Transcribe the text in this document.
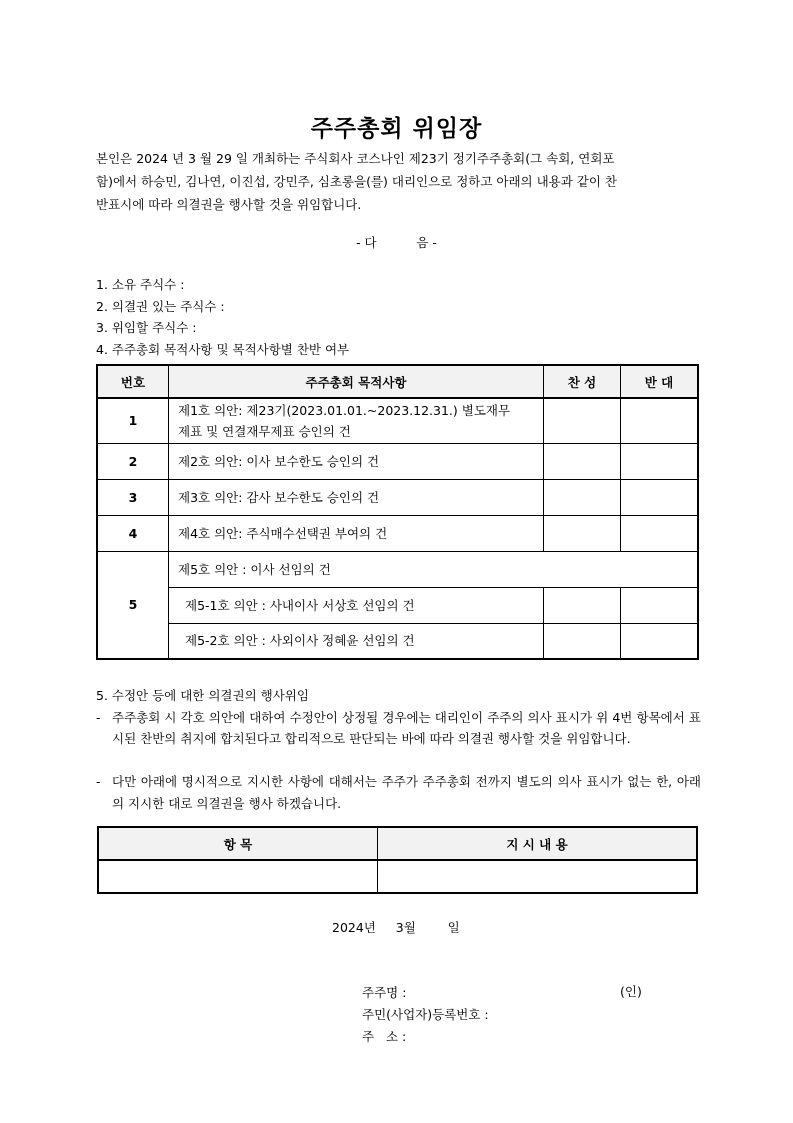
주주총회 위임장

본인은 2024 년 3 월 29 일 개최하는 주식회사 코스나인 제23기 정기주주총회(그 속회, 연회포

함)에서 하승민, 김나연, 이진섭, 강민주, 심초롱을(를) 대리인으로 정하고 아래의 내용과 같이 찬

반표시에 따라 의결권을 행사할 것을 위임합니다.

- 다          음 -
1. 소유 주식수 :
2. 의결권 있는 주식수 :
3. 위임할 주식수 :
4. 주주총회 목적사항 및 목적사항별 찬반 여부
번호	주주총회 목적사항	찬 성	반 대
1	제1호 의안: 제23기(2023.01.01.~2023.12.31.) 별도재무
제표 및 연결재무제표 승인의 건		

2	제2호 의안: 이사 보수한도 승인의 건		
3	제3호 의안: 감사 보수한도 승인의 건		
4	제4호 의안: 주식매수선택권 부여의 건		
5	제5호 의안 : 이사 선임의 건		
	제5-1호 의안 : 사내이사 서상호 선임의 건		
	제5-2호 의안 : 사외이사 정혜윤 선임의 건		

5. 수정안 등에 대한 의결권의 행사위임

- 주주총회 시 각호 의안에 대하여 수정안이 상정될 경우에는 대리인이 주주의 의사 표시가 위 4번 항목에서 표시된 찬반의 취지에 합치된다고 합리적으로 판단되는 바에 따라 의결권 행사할 것을 위임합니다.
- 다만 아래에 명시적으로 지시한 사항에 대해서는 주주가 주주총회 전까지 별도의 의사 표시가 없는 한, 아래의 지시한 대로 의결권을 행사 하겠습니다.
항 목	지 시 내 용

2024년     3월        일
주주명 :
주민(사업자)등록번호 :
주   소 :
(인)
